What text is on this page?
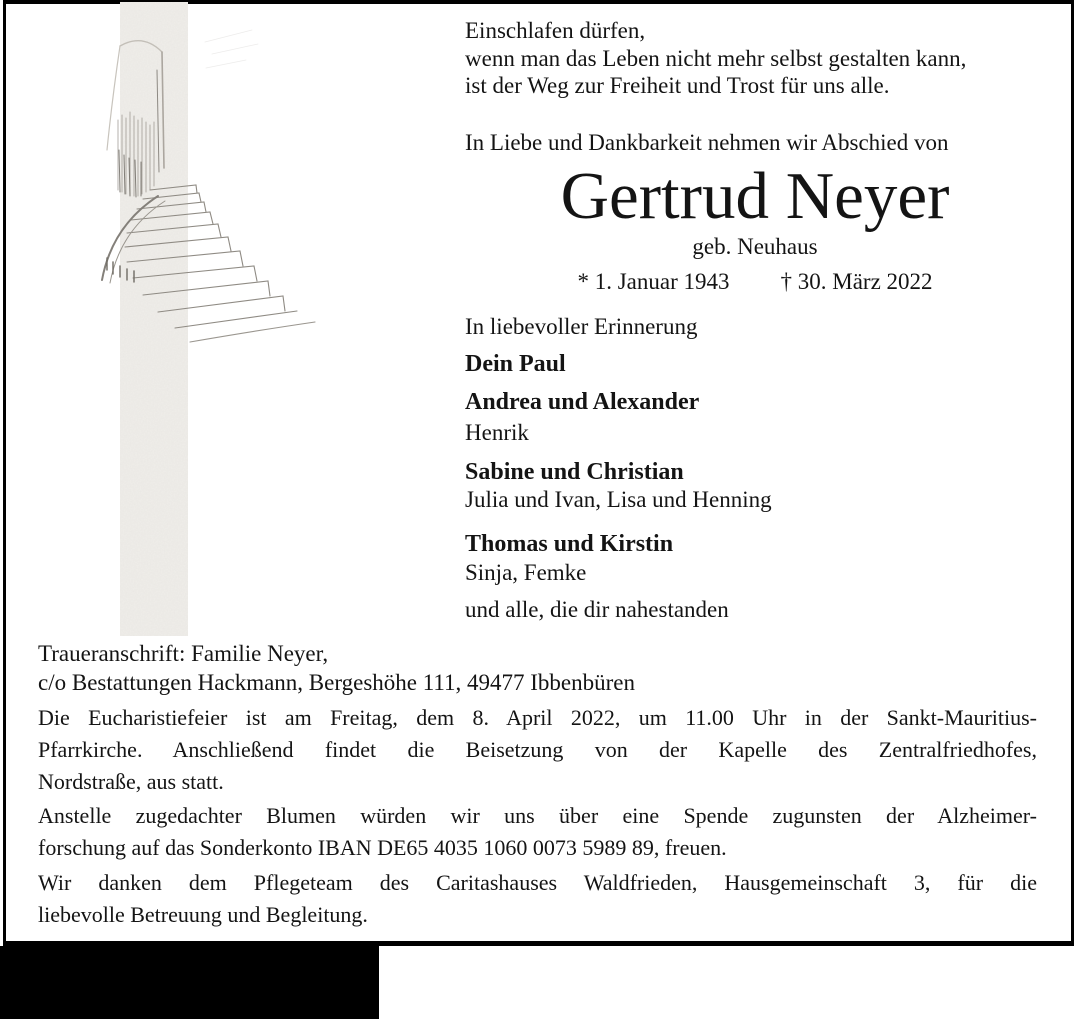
Einschlafen dürfen,
wenn man das Leben nicht mehr selbst gestalten kann,
ist der Weg zur Freiheit und Trost für uns alle.
In Liebe und Dankbarkeit nehmen wir Abschied von
Gertrud Neyer
geb. Neuhaus
* 1. Januar 1943 † 30. März 2022
In liebevoller Erinnerung
Dein Paul
Andrea und Alexander
Henrik
Sabine und Christian
Julia und Ivan, Lisa und Henning
Thomas und Kirstin
Sinja, Femke
und alle, die dir nahestanden
Traueranschrift: Familie Neyer,
c/o Bestattungen Hackmann, Bergeshöhe 111, 49477 Ibbenbüren
Die Eucharistiefeier ist am Freitag, dem 8. April 2022, um 11.00 Uhr in der Sankt-Mauritius-
Pfarrkirche. Anschließend findet die Beisetzung von der Kapelle des Zentralfriedhofes,
Nordstraße, aus statt.
Anstelle zugedachter Blumen würden wir uns über eine Spende zugunsten der Alzheimer-
forschung auf das Sonderkonto IBAN DE65 4035 1060 0073 5989 89, freuen.
Wir danken dem Pflegeteam des Caritashauses Waldfrieden, Hausgemeinschaft 3, für die
liebevolle Betreuung und Begleitung.
